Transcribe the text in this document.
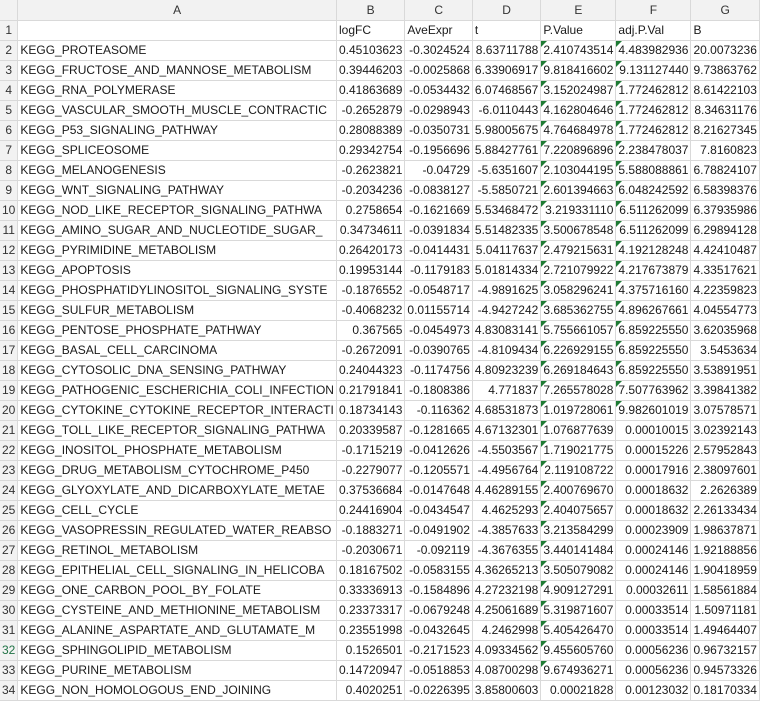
	A	B	C	D	E	F	G
1		logFC	AveExpr	t	P.Value	adj.P.Val	B
2	KEGG_PROTEASOME	0.45103623	-0.3024524	8.63711788	2.410743514	4.483982936	20.0073236
3	KEGG_FRUCTOSE_AND_MANNOSE_METABOLISM	0.39446203	-0.0025868	6.33906917	9.818416602	9.131127440	9.73863762
4	KEGG_RNA_POLYMERASE	0.41863689	-0.0534432	6.07468567	3.152024987	1.772462812	8.61422103
5	KEGG_VASCULAR_SMOOTH_MUSCLE_CONTRACTIC	-0.2652879	-0.0298943	-6.0110443	4.162804646	1.772462812	8.34631176
6	KEGG_P53_SIGNALING_PATHWAY	0.28088389	-0.0350731	5.98005675	4.764684978	1.772462812	8.21627345
7	KEGG_SPLICEOSOME	0.29342754	-0.1956696	5.88427761	7.220896896	2.238478037	7.8160823
8	KEGG_MELANOGENESIS	-0.2623821	-0.04729	-5.6351607	2.103044195	5.588088861	6.78824107
9	KEGG_WNT_SIGNALING_PATHWAY	-0.2034236	-0.0838127	-5.5850721	2.601394663	6.048242592	6.58398376
10	KEGG_NOD_LIKE_RECEPTOR_SIGNALING_PATHWA	0.2758654	-0.1621669	5.53468472	3.219331110	6.511262099	6.37935986
11	KEGG_AMINO_SUGAR_AND_NUCLEOTIDE_SUGAR_	0.34734611	-0.0391834	5.51482335	3.500678548	6.511262099	6.29894128
12	KEGG_PYRIMIDINE_METABOLISM	0.26420173	-0.0414431	5.04117637	2.479215631	4.192128248	4.42410487
13	KEGG_APOPTOSIS	0.19953144	-0.1179183	5.01814334	2.721079922	4.217673879	4.33517621
14	KEGG_PHOSPHATIDYLINOSITOL_SIGNALING_SYSTE	-0.1876552	-0.0548717	-4.9891625	3.058296241	4.375716160	4.22359823
15	KEGG_SULFUR_METABOLISM	-0.4068232	0.01155714	-4.9427242	3.685362755	4.896267661	4.04554773
16	KEGG_PENTOSE_PHOSPHATE_PATHWAY	0.367565	-0.0454973	4.83083141	5.755661057	6.859225550	3.62035968
17	KEGG_BASAL_CELL_CARCINOMA	-0.2672091	-0.0390765	-4.8109434	6.226929155	6.859225550	3.5453634
18	KEGG_CYTOSOLIC_DNA_SENSING_PATHWAY	0.24044323	-0.1174756	4.80923239	6.269184643	6.859225550	3.53891951
19	KEGG_PATHOGENIC_ESCHERICHIA_COLI_INFECTION	0.21791841	-0.1808386	4.771837	7.265578028	7.507763962	3.39841382
20	KEGG_CYTOKINE_CYTOKINE_RECEPTOR_INTERACTI	0.18734143	-0.116362	4.68531873	1.019728061	9.982601019	3.07578571
21	KEGG_TOLL_LIKE_RECEPTOR_SIGNALING_PATHWA	0.20339587	-0.1281665	4.67132301	1.076877639	0.00010015	3.02392143
22	KEGG_INOSITOL_PHOSPHATE_METABOLISM	-0.1715219	-0.0412626	-4.5503567	1.719021775	0.00015226	2.57952843
23	KEGG_DRUG_METABOLISM_CYTOCHROME_P450	-0.2279077	-0.1205571	-4.4956764	2.119108722	0.00017916	2.38097601
24	KEGG_GLYOXYLATE_AND_DICARBOXYLATE_METAE	0.37536684	-0.0147648	4.46289155	2.400769670	0.00018632	2.2626389
25	KEGG_CELL_CYCLE	0.24416904	-0.0434547	4.4625293	2.404075657	0.00018632	2.26133434
26	KEGG_VASOPRESSIN_REGULATED_WATER_REABSO	-0.1883271	-0.0491902	-4.3857633	3.213584299	0.00023909	1.98637871
27	KEGG_RETINOL_METABOLISM	-0.2030671	-0.092119	-4.3676355	3.440141484	0.00024146	1.92188856
28	KEGG_EPITHELIAL_CELL_SIGNALING_IN_HELICOBA	0.18167502	-0.0583155	4.36265213	3.505079082	0.00024146	1.90418959
29	KEGG_ONE_CARBON_POOL_BY_FOLATE	0.33336913	-0.1584896	4.27232198	4.909127291	0.00032611	1.58561884
30	KEGG_CYSTEINE_AND_METHIONINE_METABOLISM	0.23373317	-0.0679248	4.25061689	5.319871607	0.00033514	1.50971181
31	KEGG_ALANINE_ASPARTATE_AND_GLUTAMATE_M	0.23551998	-0.0432645	4.2462998	5.405426470	0.00033514	1.49464407
32	KEGG_SPHINGOLIPID_METABOLISM	0.1526501	-0.2171523	4.09334562	9.455605760	0.00056236	0.96732157
33	KEGG_PURINE_METABOLISM	0.14720947	-0.0518853	4.08700298	9.674936271	0.00056236	0.94573326
34	KEGG_NON_HOMOLOGOUS_END_JOINING	0.4020251	-0.0226395	3.85800603	0.00021828	0.00123032	0.18170334
